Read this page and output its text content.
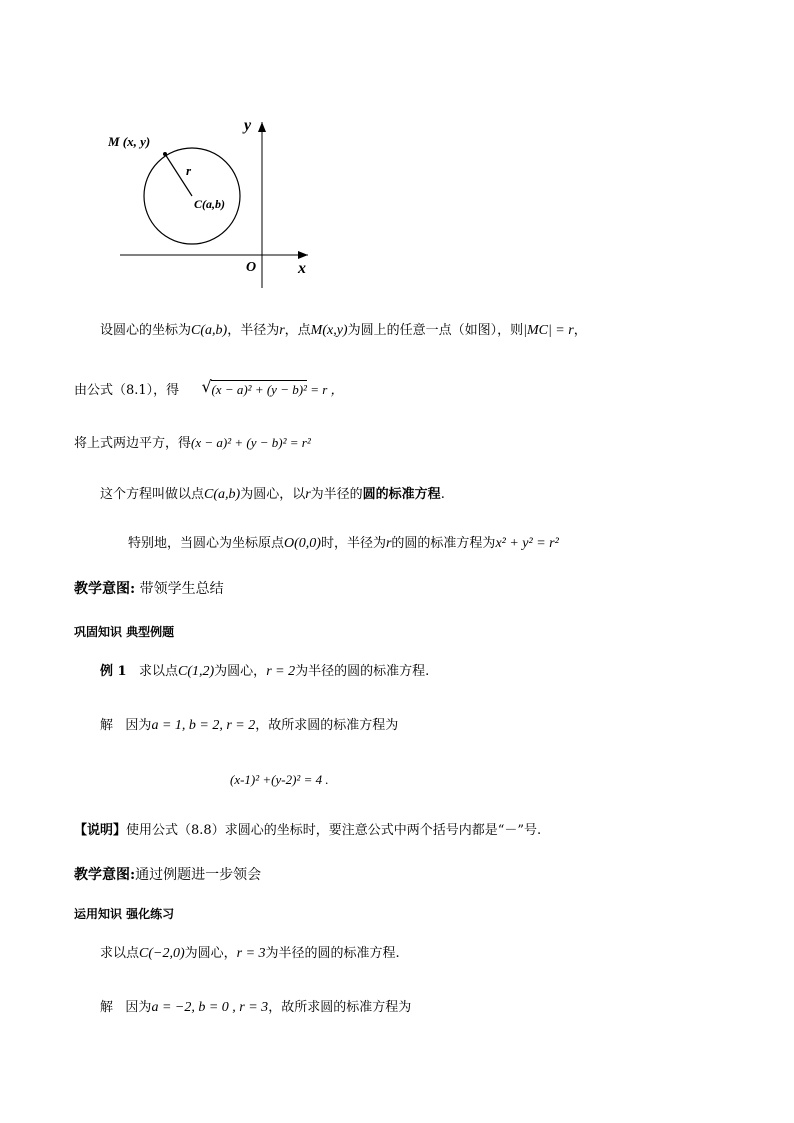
M (x, y)
r
C(a,b)
y
x
O
设圆心的坐标为C(a,b)，半径为r，点M(x,y)为圆上的任意一点（如图），则|MC| = r，
由公式（8.1），得 √ (x − a)² + (y − b)² = r ，
将上式两边平方，得(x − a)² + (y − b)² = r²
这个方程叫做以点C(a,b)为圆心，以r为半径的圆的标准方程.
特别地，当圆心为坐标原点O(0,0)时，半径为r的圆的标准方程为x² + y² = r²
教学意图: 带领学生总结
巩固知识 典型例题
例 1 求以点C(1,2)为圆心，r = 2为半径的圆的标准方程.
解 因为a = 1, b = 2, r = 2，故所求圆的标准方程为
(x-1)² +(y-2)² = 4 .
【说明】使用公式（8.8）求圆心的坐标时，要注意公式中两个括号内都是“－”号.
教学意图:通过例题进一步领会
运用知识 强化练习
求以点C(−2,0)为圆心，r = 3为半径的圆的标准方程.
解 因为a = −2, b = 0 , r = 3，故所求圆的标准方程为
